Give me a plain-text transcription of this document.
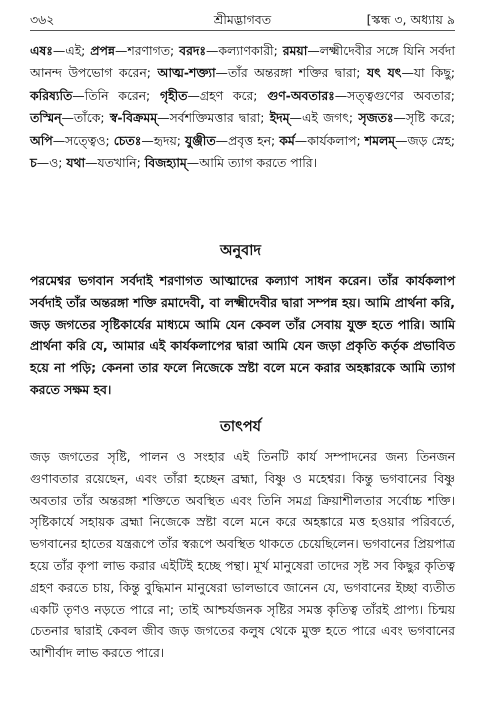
৩৬২	শ্রীমদ্ভাগবত	[স্কন্ধ ৩, অধ্যায় ৯
এষঃ—এই; প্রপন্ন—শরণাগত; বরদঃ—কল্যাণকারী; রময়া—লক্ষ্মীদেবীর সঙ্গে যিনি সর্বদা আনন্দ উপভোগ করেন; আত্ম-শক্ত্যা—তাঁর অন্তরঙ্গা শক্তির দ্বারা; যৎ যৎ—যা কিছু; করিষ্যতি—তিনি করেন; গৃহীত—গ্রহণ করে; গুণ-অবতারঃ—সত্ত্বগুণের অবতার; তস্মিন্—তাঁকে; স্ব-বিক্রমম্—সর্বশক্তিমত্তার দ্বারা; ইদম্—এই জগৎ; সৃজতঃ—সৃষ্টি করে; অপি—সত্ত্বেও; চেতঃ—হৃদয়; যুঞ্জীত—প্রবৃত্ত হন; কর্ম—কার্যকলাপ; শমলম্—জড় স্নেহ; চ—ও; যথা—যতখানি; বিজহ্যাম্—আমি ত্যাগ করতে পারি।
অনুবাদ
পরমেশ্বর ভগবান সর্বদাই শরণাগত আত্মাদের কল্যাণ সাধন করেন। তাঁর কার্যকলাপ সর্বদাই তাঁর অন্তরঙ্গা শক্তি রমাদেবী, বা লক্ষ্মীদেবীর দ্বারা সম্পন্ন হয়। আমি প্রার্থনা করি, জড় জগতের সৃষ্টিকার্যের মাধ্যমে আমি যেন কেবল তাঁর সেবায় যুক্ত হতে পারি। আমি প্রার্থনা করি যে, আমার এই কার্যকলাপের দ্বারা আমি যেন জড়া প্রকৃতি কর্তৃক প্রভাবিত হয়ে না পড়ি; কেননা তার ফলে নিজেকে স্রষ্টা বলে মনে করার অহঙ্কারকে আমি ত্যাগ করতে সক্ষম হব।
তাৎপর্য
জড় জগতের সৃষ্টি, পালন ও সংহার এই তিনটি কার্য সম্পাদনের জন্য তিনজন গুণাবতার রয়েছেন, এবং তাঁরা হচ্ছেন ব্রহ্মা, বিষ্ণু ও মহেশ্বর। কিন্তু ভগবানের বিষ্ণু অবতার তাঁর অন্তরঙ্গা শক্তিতে অবস্থিত এবং তিনি সমগ্র ক্রিয়াশীলতার সর্বোচ্চ শক্তি। সৃষ্টিকার্যে সহায়ক ব্রহ্মা নিজেকে স্রষ্টা বলে মনে করে অহঙ্কারে মত্ত হওয়ার পরিবর্তে, ভগবানের হাতের যন্ত্ররূপে তাঁর স্বরূপে অবস্থিত থাকতে চেয়েছিলেন। ভগবানের প্রিয়পাত্র হয়ে তাঁর কৃপা লাভ করার এইটিই হচ্ছে পন্থা। মূর্খ মানুষেরা তাদের সৃষ্ট সব কিছুর কৃতিত্ব গ্রহণ করতে চায়, কিন্তু বুদ্ধিমান মানুষেরা ভালভাবে জানেন যে, ভগবানের ইচ্ছা ব্যতীত একটি তৃণও নড়তে পারে না; তাই আশ্চর্যজনক সৃষ্টির সমস্ত কৃতিত্ব তাঁরই প্রাপ্য। চিন্ময় চেতনার দ্বারাই কেবল জীব জড় জগতের কলুষ থেকে মুক্ত হতে পারে এবং ভগবানের আশীর্বাদ লাভ করতে পারে।
